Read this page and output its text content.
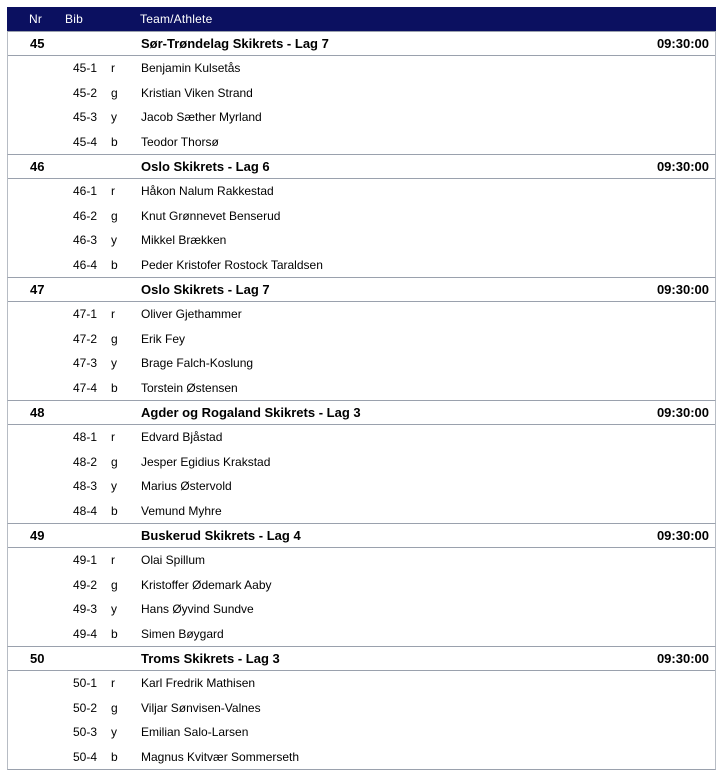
Nr	Bib	Team/Athlete
45	Sør-Trøndelag Skikrets - Lag 7	09:30:00
45-1	r	Benjamin Kulsetås
45-2	g	Kristian Viken Strand
45-3	y	Jacob Sæther Myrland
45-4	b	Teodor Thorsø
46	Oslo Skikrets - Lag 6	09:30:00
46-1	r	Håkon Nalum Rakkestad
46-2	g	Knut Grønnevet Benserud
46-3	y	Mikkel Brækken
46-4	b	Peder Kristofer Rostock Taraldsen
47	Oslo Skikrets - Lag 7	09:30:00
47-1	r	Oliver Gjethammer
47-2	g	Erik Fey
47-3	y	Brage Falch-Koslung
47-4	b	Torstein Østensen
48	Agder og Rogaland Skikrets - Lag 3	09:30:00
48-1	r	Edvard Bjåstad
48-2	g	Jesper Egidius Krakstad
48-3	y	Marius Østervold
48-4	b	Vemund Myhre
49	Buskerud Skikrets - Lag 4	09:30:00
49-1	r	Olai Spillum
49-2	g	Kristoffer Ødemark Aaby
49-3	y	Hans Øyvind Sundve
49-4	b	Simen Bøygard
50	Troms Skikrets - Lag 3	09:30:00
50-1	r	Karl Fredrik Mathisen
50-2	g	Viljar Sønvisen-Valnes
50-3	y	Emilian Salo-Larsen
50-4	b	Magnus Kvitvær Sommerseth
